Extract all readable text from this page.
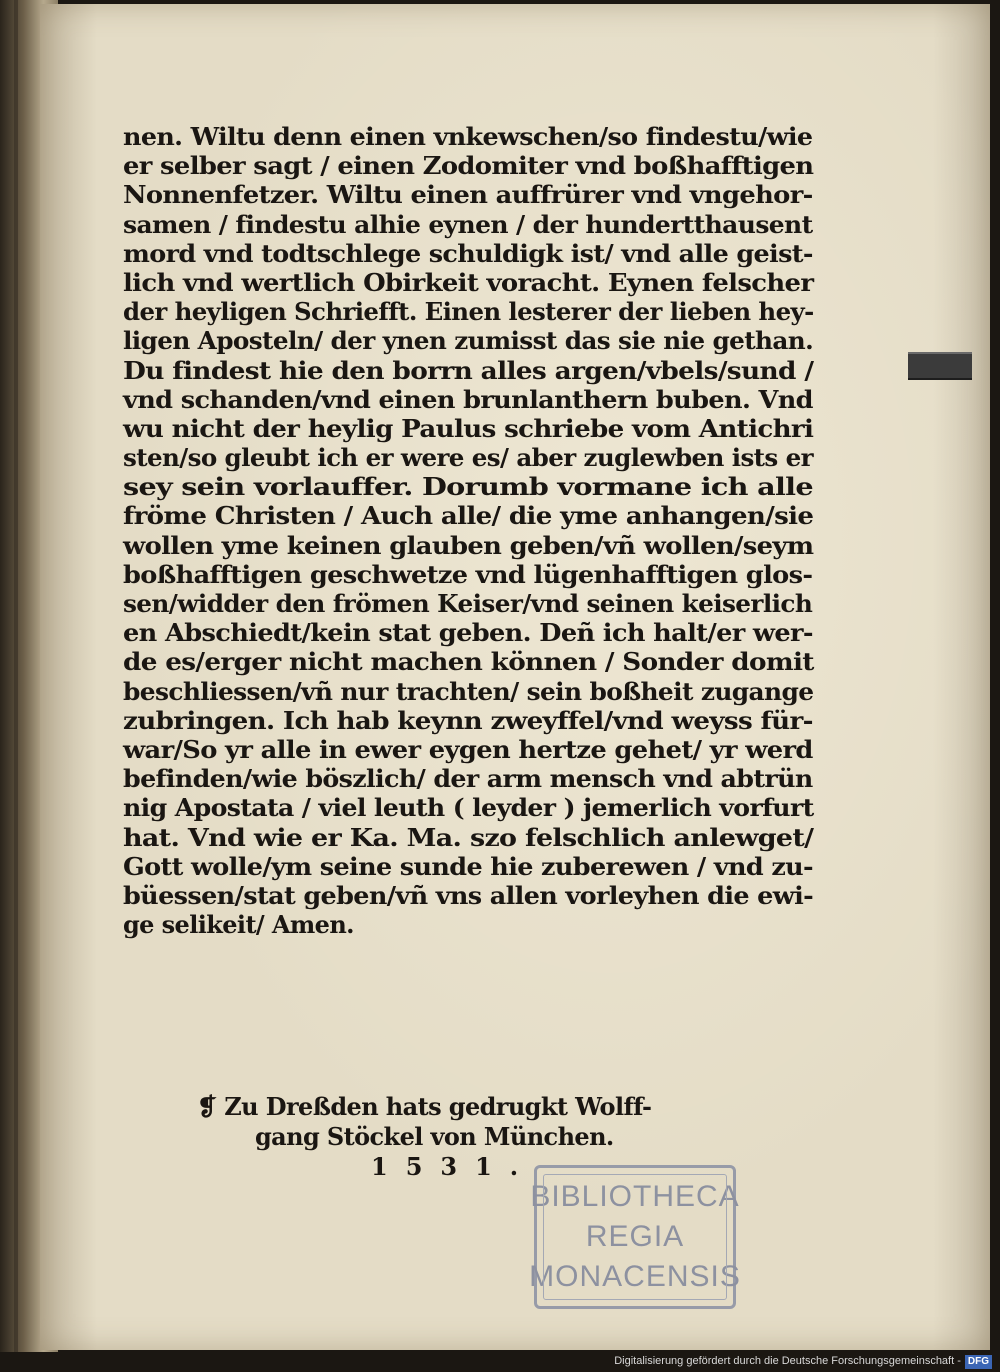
nen. Wiltu denn einen vnkewschen/so findestu/wie
er selber sagt / einen Zodomiter vnd boßhafftigen
Nonnenfetzer. Wiltu einen auffrürer vnd vngehor-
samen / findestu alhie eynen / der hundertthausent
mord vnd todtschlege schuldigk ist/ vnd alle geist-
lich vnd wertlich Obirkeit voracht. Eynen felscher
der heyligen Schriefft. Einen lesterer der lieben hey-
ligen Aposteln/ der ynen zumisst das sie nie gethan.
Du findest hie den borrn alles argen/vbels/sund /
vnd schanden/vnd einen brunlanthern buben. Vnd
wu nicht der heylig Paulus schriebe vom Antichri
sten/so gleubt ich er were es/ aber zuglewben ists er
sey sein vorlauffer. Dorumb vormane ich alle
fröme Christen / Auch alle/ die yme anhangen/sie
wollen yme keinen glauben geben/vñ wollen/seym
boßhafftigen geschwetze vnd lügenhafftigen glos-
sen/widder den frömen Keiser/vnd seinen keiserlich
en Abschiedt/kein stat geben. Deñ ich halt/er wer-
de es/erger nicht machen können / Sonder domit
beschliessen/vñ nur trachten/ sein boßheit zugange
zubringen. Ich hab keynn zweyffel/vnd weyss für-
war/So yr alle in ewer eygen hertze gehet/ yr werd
befinden/wie böszlich/ der arm mensch vnd abtrün
nig Apostata / viel leuth ( leyder ) jemerlich vorfurt
hat. Vnd wie er Ka. Ma. szo felschlich anlewget/
Gott wolle/ym seine sunde hie zuberewen / vnd zu-
büessen/stat geben/vñ vns allen vorleyhen die ewi-
ge selikeit/ Amen.
❡ Zu Dreßden hats gedrugkt Wolff-
gang Stöckel von München.
1531.
BIBLIOTHECA
REGIA
MONACENSIS
Digitalisierung gefördert durch die Deutsche Forschungsgemeinschaft - DFG
